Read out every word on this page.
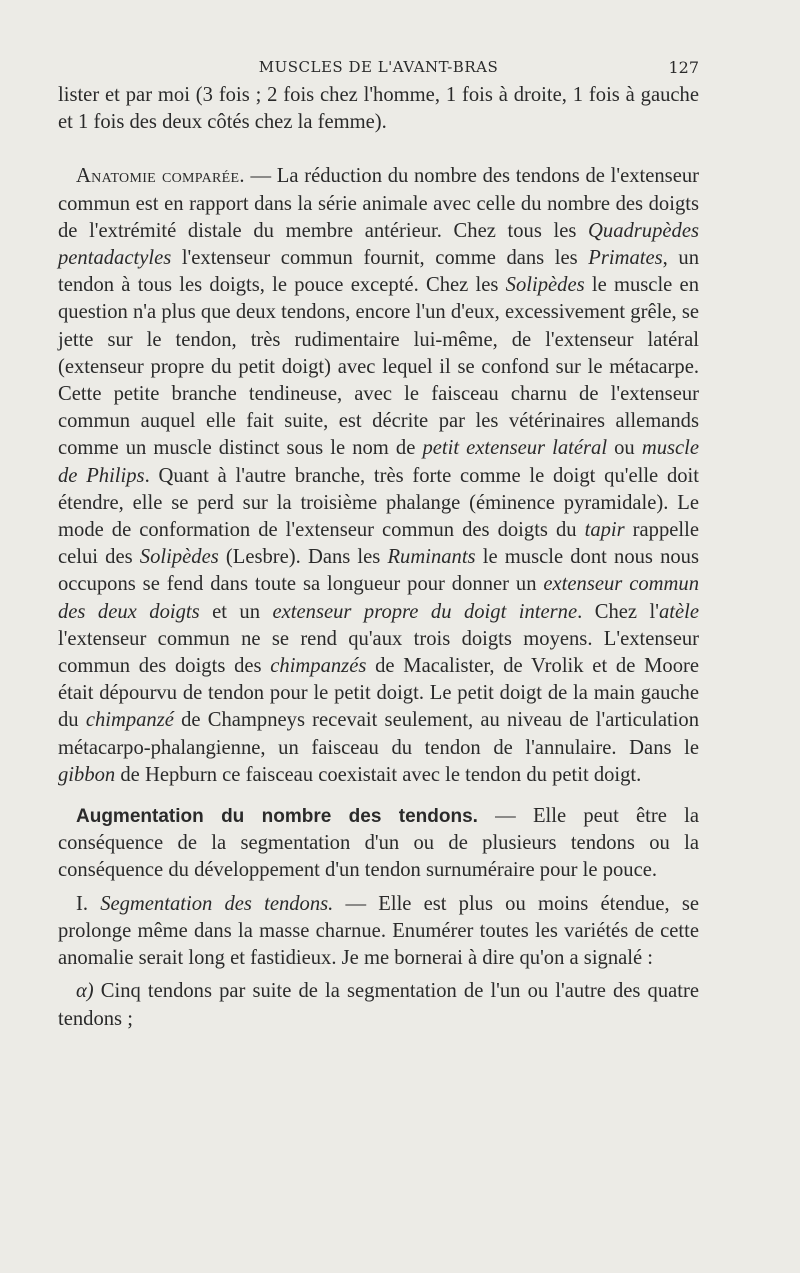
MUSCLES DE L'AVANT-BRAS	127

lister et par moi (3 fois ; 2 fois chez l'homme, 1 fois à droite, 1 fois à gauche et 1 fois des deux côtés chez la femme).

Anatomie comparée. — La réduction du nombre des tendons de l'extenseur commun est en rapport dans la série animale avec celle du nombre des doigts de l'extrémité distale du membre antérieur. Chez tous les Quadrupèdes pentadactyles l'extenseur commun fournit, comme dans les Primates, un tendon à tous les doigts, le pouce excepté. Chez les Solipèdes le muscle en question n'a plus que deux tendons, encore l'un d'eux, excessivement grêle, se jette sur le tendon, très rudimentaire lui-même, de l'extenseur latéral (extenseur propre du petit doigt) avec lequel il se confond sur le métacarpe. Cette petite branche tendineuse, avec le faisceau charnu de l'extenseur commun auquel elle fait suite, est décrite par les vétérinaires allemands comme un muscle distinct sous le nom de petit extenseur latéral ou muscle de Philips. Quant à l'autre branche, très forte comme le doigt qu'elle doit étendre, elle se perd sur la troisième phalange (éminence pyramidale). Le mode de conformation de l'extenseur commun des doigts du tapir rappelle celui des Solipèdes (Lesbre). Dans les Ruminants le muscle dont nous nous occupons se fend dans toute sa longueur pour donner un extenseur commun des deux doigts et un extenseur propre du doigt interne. Chez l'atèle l'extenseur commun ne se rend qu'aux trois doigts moyens. L'extenseur commun des doigts des chimpanzés de Macalister, de Vrolik et de Moore était dépourvu de tendon pour le petit doigt. Le petit doigt de la main gauche du chimpanzé de Champneys recevait seulement, au niveau de l'articulation métacarpo-phalangienne, un faisceau du tendon de l'annulaire. Dans le gibbon de Hepburn ce faisceau coexistait avec le tendon du petit doigt.

Augmentation du nombre des tendons. — Elle peut être la conséquence de la segmentation d'un ou de plusieurs tendons ou la conséquence du développement d'un tendon surnuméraire pour le pouce.

I. Segmentation des tendons. — Elle est plus ou moins étendue, se prolonge même dans la masse charnue. Enumérer toutes les variétés de cette anomalie serait long et fastidieux. Je me bornerai à dire qu'on a signalé :

α) Cinq tendons par suite de la segmentation de l'un ou l'autre des quatre tendons ;
